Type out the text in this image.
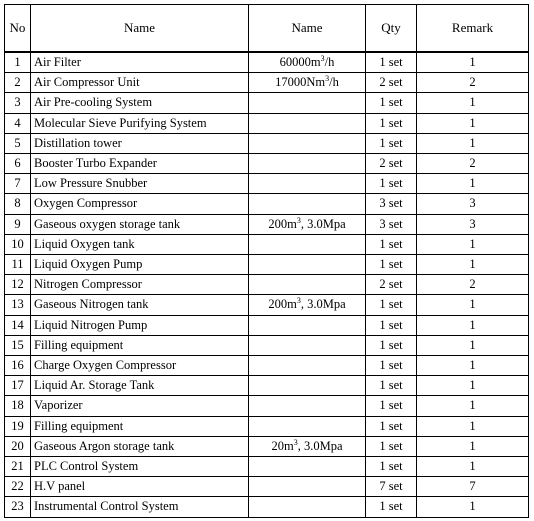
No	Name	Name	Qty	Remark
1	Air Filter	$60000m^3/h$	1 set	1
2	Air Compressor Unit	17000Nm$^3$/h	2 set	2
3	Air Pre-cooling System		1 set	1
4	Molecular Sieve Purifying System		1 set	1
5	Distillation tower		1 set	1
6	Booster Turbo Expander		2 set	2
7	Low Pressure Snubber		1 set	1
8	Oxygen Compressor		3 set	3
9	Gaseous oxygen storage tank	$200m^3$, 3.0Mpa	3 set	3
10	Liquid Oxygen tank		1 set	1
11	Liquid Oxygen Pump		1 set	1
12	Nitrogen Compressor		2 set	2
13	Gaseous Nitrogen tank	$200m^3$, 3.0Mpa	1 set	1
14	Liquid Nitrogen Pump		1 set	1
15	Filling equipment		1 set	1
16	Charge Oxygen Compressor		1 set	1
17	Liquid Ar. Storage Tank		1 set	1
18	Vaporizer		1 set	1
19	Filling equipment		1 set	1
20	Gaseous Argon storage tank	$20m^3$, 3.0Mpa	1 set	1
21	PLC Control System		1 set	1
22	H.V panel		7 set	7
23	Instrumental Control System		1 set	1
